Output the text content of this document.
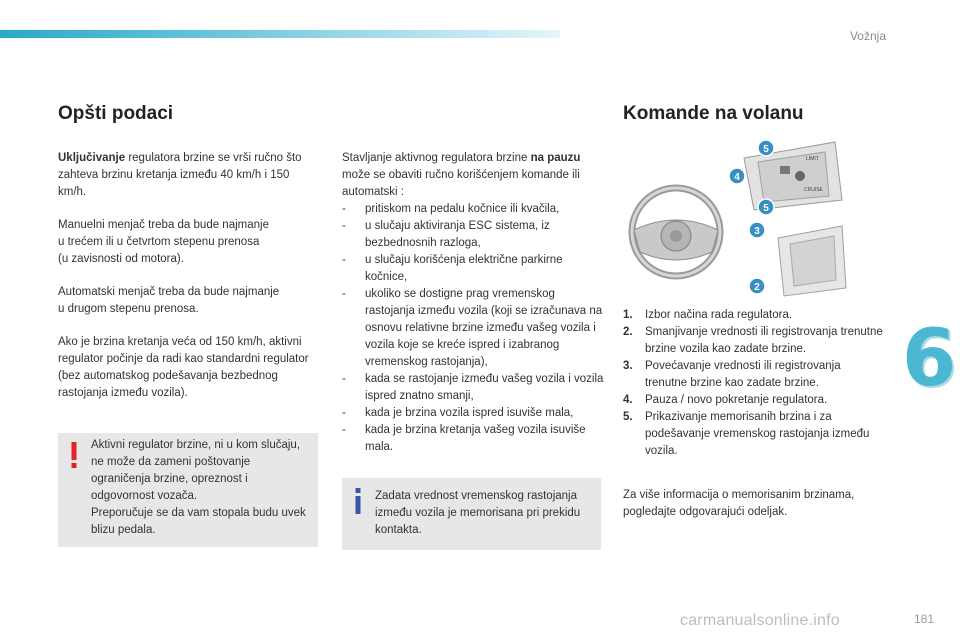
Vožnja
Opšti podaci

Uključivanje regulatora brzine se vrši ručno što zahteva brzinu kretanja između 40 km/h i 150 km/h.

Manuelni menjač treba da bude najmanje
u trećem ili u četvrtom stepenu prenosa
(u zavisnosti od motora).

Automatski menjač treba da bude najmanje
u drugom stepenu prenosa.

Ako je brzina kretanja veća od 150 km/h, aktivni regulator počinje da radi kao standardni regulator (bez automatskog podešavanja bezbednog rastojanja između vozila).

Aktivni regulator brzine, ni u kom slučaju, ne može da zameni poštovanje ograničenja brzine, opreznost i odgovornost vozača.

Preporučuje se da vam stopala budu uvek blizu pedala.

Stavljanje aktivnog regulatora brzine na pauzu može se obaviti ručno korišćenjem komande ili automatski :
- pritiskom na pedalu kočnice ili kvačila,
- u slučaju aktiviranja ESC sistema, iz bezbednosnih razloga,
- u slučaju korišćenja električne parkirne kočnice,
- ukoliko se dostigne prag vremenskog rastojanja između vozila (koji se izračunava na osnovu relativne brzine između vašeg vozila i vozila koje se kreće ispred i izabranog vremenskog rastojanja),
- kada se rastojanje između vašeg vozila i vozila ispred znatno smanji,
- kada je brzina vozila ispred isuviše mala,
- kada je brzina kretanja vašeg vozila isuviše mala.

Zadata vrednost vremenskog rastojanja između vozila je memorisana pri prekidu kontakta.

Komande na volanu
LIMIT
CRUISE
5
4
5
3
2
1. Izbor načina rada regulatora.
2. Smanjivanje vrednosti ili registrovanja trenutne brzine vozila kao zadate brzine.
3. Povećavanje vrednosti ili registrovanja trenutne brzine kao zadate brzine.
4. Pauza / novo pokretanje regulatora.
5. Prikazivanje memorisanih brzina i za podešavanje vremenskog rastojanja između vozila.

Za više informacija o memorisanim brzinama, pogledajte odgovarajući odeljak.

6
carmanualsonline.info	181
